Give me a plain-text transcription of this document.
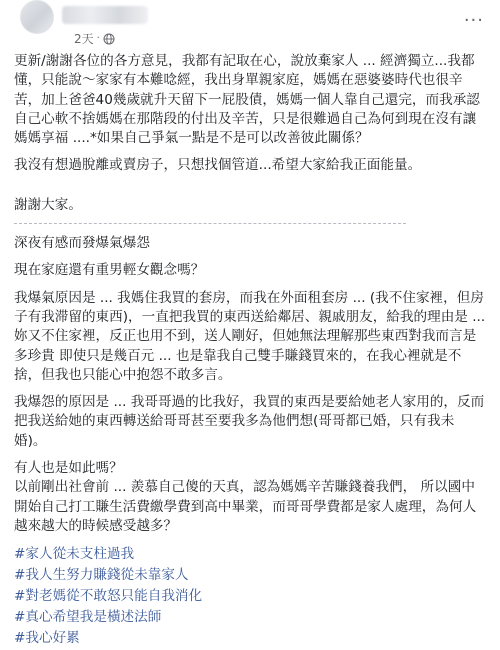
2天 ·
···

更新/謝謝各位的各方意見，我都有記取在心，說放棄家人 ... 經濟獨立...我都懂，只能說～家家有本難唸經，我出身單親家庭，媽媽在惡婆婆時代也很辛苦，加上爸爸40幾歲就升天留下一屁股債，媽媽一個人靠自己還完，而我承認自己心軟不捨媽媽在那階段的付出及辛苦，只是很難過自己為何到現在沒有讓媽媽享福 ....*如果自己爭氣一點是不是可以改善彼此關係？

我沒有想過脫離或賣房子，只想找個管道...希望大家給我正面能量。

謝謝大家。

深夜有感而發爆氣爆怨

現在家庭還有重男輕女觀念嗎？

我爆氣原因是 ... 我媽住我買的套房，而我在外面租套房 ... (我不住家裡，但房子有我滞留的東西)，一直把我買的東西送給鄰居、親戚朋友，給我的理由是 ... 妳又不住家裡，反正也用不到，送人剛好，但她無法理解那些東西對我而言是多珍貴 即使只是幾百元 ... 也是靠我自己雙手賺錢買來的，在我心裡就是不捨，但我也只能心中抱怨不敢多言。

我爆怨的原因是 ... 我哥哥過的比我好，我買的東西是要給她老人家用的，反而把我送給她的東西轉送給哥哥甚至要我多為他們想(哥哥都已婚，只有我未婚)。

有人也是如此嗎？

以前剛出社會前 ... 羨慕自己傻的天真，認為媽媽辛苦賺錢養我們， 所以國中開始自己打工賺生活費繳學費到高中畢業，而哥哥學費都是家人處理，為何人越來越大的時候感受越多？

#家人從未支柱過我
#我人生努力賺錢從未靠家人
#對老媽從不敢怒只能自我消化
#真心希望我是橫述法師
#我心好累
